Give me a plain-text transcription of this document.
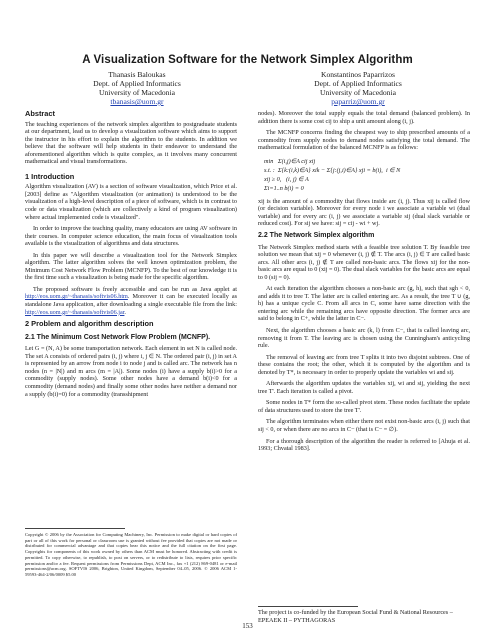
A Visualization Software for the Network Simplex Algorithm
Thanasis Baloukas
Dept. of Applied Informatics
University of Macedonia
tbanasis@uom.gr
Konstantinos Paparrizos
Dept. of Applied Informatics
University of Macedonia
paparriz@uom.gr
Abstract
The teaching experiences of the network simplex algorithm to postgraduate students at our department, lead us to develop a visualization software which aims to support the instructor in his effort to explain the algorithm to the students. In addition we believe that the software will help students in their endeavor to understand the aforementioned algorithm which is quite complex, as it involves many concurrent mathematical and visual transformations.
1 Introduction
Algorithm visualization (AV) is a section of software visualization, which Price et al. [2003] define as "Algorithm visualization (or animation) is understood to be the visualization of a high-level description of a piece of software, which is in contrast to code or data visualization (which are collectively a kind of program visualization) where actual implemented code is visualized".
In order to improve the teaching quality, many educators are using AV software in their courses. In computer science education, the main focus of visualization tools available is the visualization of algorithms and data structures.
In this paper we will describe a visualization tool for the Network Simplex algorithm. The latter algorithm solves the well known optimization problem, the Minimum Cost Network Flow Problem (MCNFP). To the best of our knowledge it is the first time such a visualization is being made for the specific algorithm.
The proposed software is freely accessible and can be run as Java applet at http://eos.uom.gr/~thanasis/softvis06.htm. Moreover it can be executed locally as standalone Java application, after downloading a single executable file from the link: http://eos.uom.gr/~thanasis/softvis06.jar.
2 Problem and algorithm description
2.1 The Minimum Cost Network Flow Problem (MCNFP).
Let G = (N, A) be some transportation network. Each element in set N is called node. The set A consists of ordered pairs (i, j) where i, j ∈ N. The ordered pair (i, j) in set A is represented by an arrow from node i to node j and is called arc. The network has n nodes (n = |N|) and m arcs (m = |A|). Some nodes (i) have a supply b(i)>0 for a commodity (supply nodes). Some other nodes have a demand b(i)<0 for a commodity (demand nodes) and finally some other nodes have neither a demand nor a supply (b(i)=0) for a commodity (transshipment
Copyright © 2006 by the Association for Computing Machinery, Inc. Permission to make digital or hard copies of part or all of this work for personal or classroom use is granted without fee provided that copies are not made or distributed for commercial advantage and that copies bear this notice and the full citation on the first page. Copyrights for components of this work owned by others than ACM must be honored. Abstracting with credit is permitted. To copy otherwise, to republish, to post on servers, or to redistribute to lists, requires prior specific permission and/or a fee. Request permissions from Permissions Dept, ACM Inc., fax +1 (212) 869-0481 or e-mail permissions@acm.org. SOFTVIS 2006, Brighton, United Kingdom, September 04–05, 2006. © 2006 ACM 1-59593-464-2/06/0009 $5.00
nodes). Moreover the total supply equals the total demand (balanced problem). In addition there is some cost cij to ship a unit amount along (i, j).
The MCNFP concerns finding the cheapest way to ship prescribed amounts of a commodity from supply nodes to demand nodes satisfying the total demand. The mathematical formulation of the balanced MCNFP is as follows:
min   Σ(i,j)∈A cij xij
s.t. :  Σ{k:(i,k)∈A} xik − Σ{j:(j,i)∈A} xji = b(i),  i ∈ N
xij ≥ 0,   (i, j) ∈ A
Σi=1..n b(i) = 0
xij is the amount of a commodity that flows inside arc (i, j). Thus xij is called flow (or decision variable). Moreover for every node i we associate a variable wi (dual variable) and for every arc (i, j) we associate a variable sij (dual slack variable or reduced cost). For sij we have: sij = cij - wi + wj.
2.2 The Network Simplex algorithm
The Network Simplex method starts with a feasible tree solution T. By feasible tree solution we mean that xij = 0 whenever (i, j) ∉ T. The arcs (i, j) ∈ T are called basic arcs. All other arcs (i, j) ∉ T are called non-basic arcs. The flows xij for the non-basic arcs are equal to 0 (xij = 0). The dual slack variables for the basic arcs are equal to 0 (sij = 0).
At each iteration the algorithm chooses a non-basic arc (g, h), such that sgh < 0, and adds it to tree T. The latter arc is called entering arc. As a result, the tree T ∪ (g, h) has a unique cycle C. From all arcs in C, some have same direction with the entering arc while the remaining arcs have opposite direction. The former arcs are said to belong in C+, while the latter in C−.
Next, the algorithm chooses a basic arc (k, l) from C−, that is called leaving arc, removing it from T. The leaving arc is chosen using the Cunningham's anticycling rule.
The removal of leaving arc from tree T splits it into two disjoint subtrees. One of these contains the root; the other, which it is computed by the algorithm and is denoted by T*, is necessary in order to properly update the variables wi and sij.
Afterwards the algorithm updates the variables xij, wi and sij, yielding the next tree T'. Each iteration is called a pivot.
Some nodes in T* form the so-called pivot stem. These nodes facilitate the update of data structures used to store the tree T'.
The algorithm terminates when either there not exist non-basic arcs (i, j) such that sij < 0, or when there are no arcs in C− (that is C− = ∅).
For a thorough description of the algorithm the reader is referred to [Ahuja et al. 1993; Chvatal 1983].
The project is co-funded by the European Social Fund & National Resources – EPEAEK II – PYTHAGORAS
153
